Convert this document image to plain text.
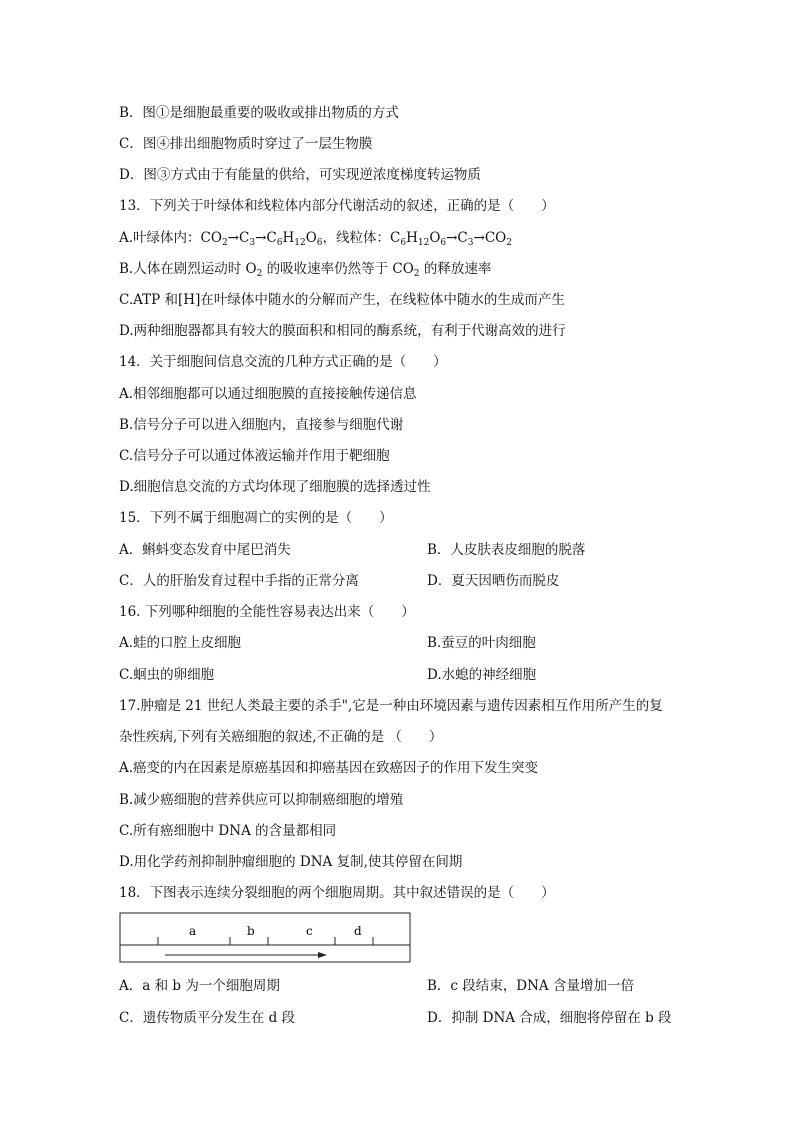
B．图①是细胞最重要的吸收或排出物质的方式
C．图④排出细胞物质时穿过了一层生物膜
D．图③方式由于有能量的供给，可实现逆浓度梯度转运物质
13．下列关于叶绿体和线粒体内部分代谢活动的叙述，正确的是（　　）
A.叶绿体内：$CO_2\to C_3\to C_6H_{12}O_6$，线粒体：$C_6H_{12}O_6\to C_3\to CO_2$
B.人体在剧烈运动时 $O_2$ 的吸收速率仍然等于 $CO_2$ 的释放速率
C.ATP 和[H]在叶绿体中随水的分解而产生，在线粒体中随水的生成而产生
D.两种细胞器都具有较大的膜面积和相同的酶系统，有利于代谢高效的进行
14．关于细胞间信息交流的几种方式正确的是（　　）
A.相邻细胞都可以通过细胞膜的直接接触传递信息
B.信号分子可以进入细胞内，直接参与细胞代谢
C.信号分子可以通过体液运输并作用于靶细胞
D.细胞信息交流的方式均体现了细胞膜的选择透过性
15．下列不属于细胞凋亡的实例的是（　　）
A．蝌蚪变态发育中尾巴消失	B．人皮肤表皮细胞的脱落
C．人的肝胎发育过程中手指的正常分离	D．夏天因晒伤而脱皮
16. 下列哪种细胞的全能性容易表达出来（　　）
A.蛙的口腔上皮细胞	B.蚕豆的叶肉细胞
C.蛔虫的卵细胞	D.水螅的神经细胞
17.肿瘤是 21 世纪人类最主要的杀手",它是一种由环境因素与遗传因素相互作用所产生的复
杂性疾病,下列有关癌细胞的叙述,不正确的是 （　　）
A.癌变的内在因素是原癌基因和抑癌基因在致癌因子的作用下发生突变
B.减少癌细胞的营养供应可以抑制癌细胞的增殖
C.所有癌细胞中 DNA 的含量都相同
D.用化学药剂抑制肿瘤细胞的 DNA 复制,使其停留在间期
18．下图表示连续分裂细胞的两个细胞周期。其中叙述错误的是（　　）
a	b	c	d
A．a 和 b 为一个细胞周期	B．c 段结束，DNA 含量增加一倍
C．遗传物质平分发生在 d 段	D．抑制 DNA 合成，细胞将停留在 b 段
